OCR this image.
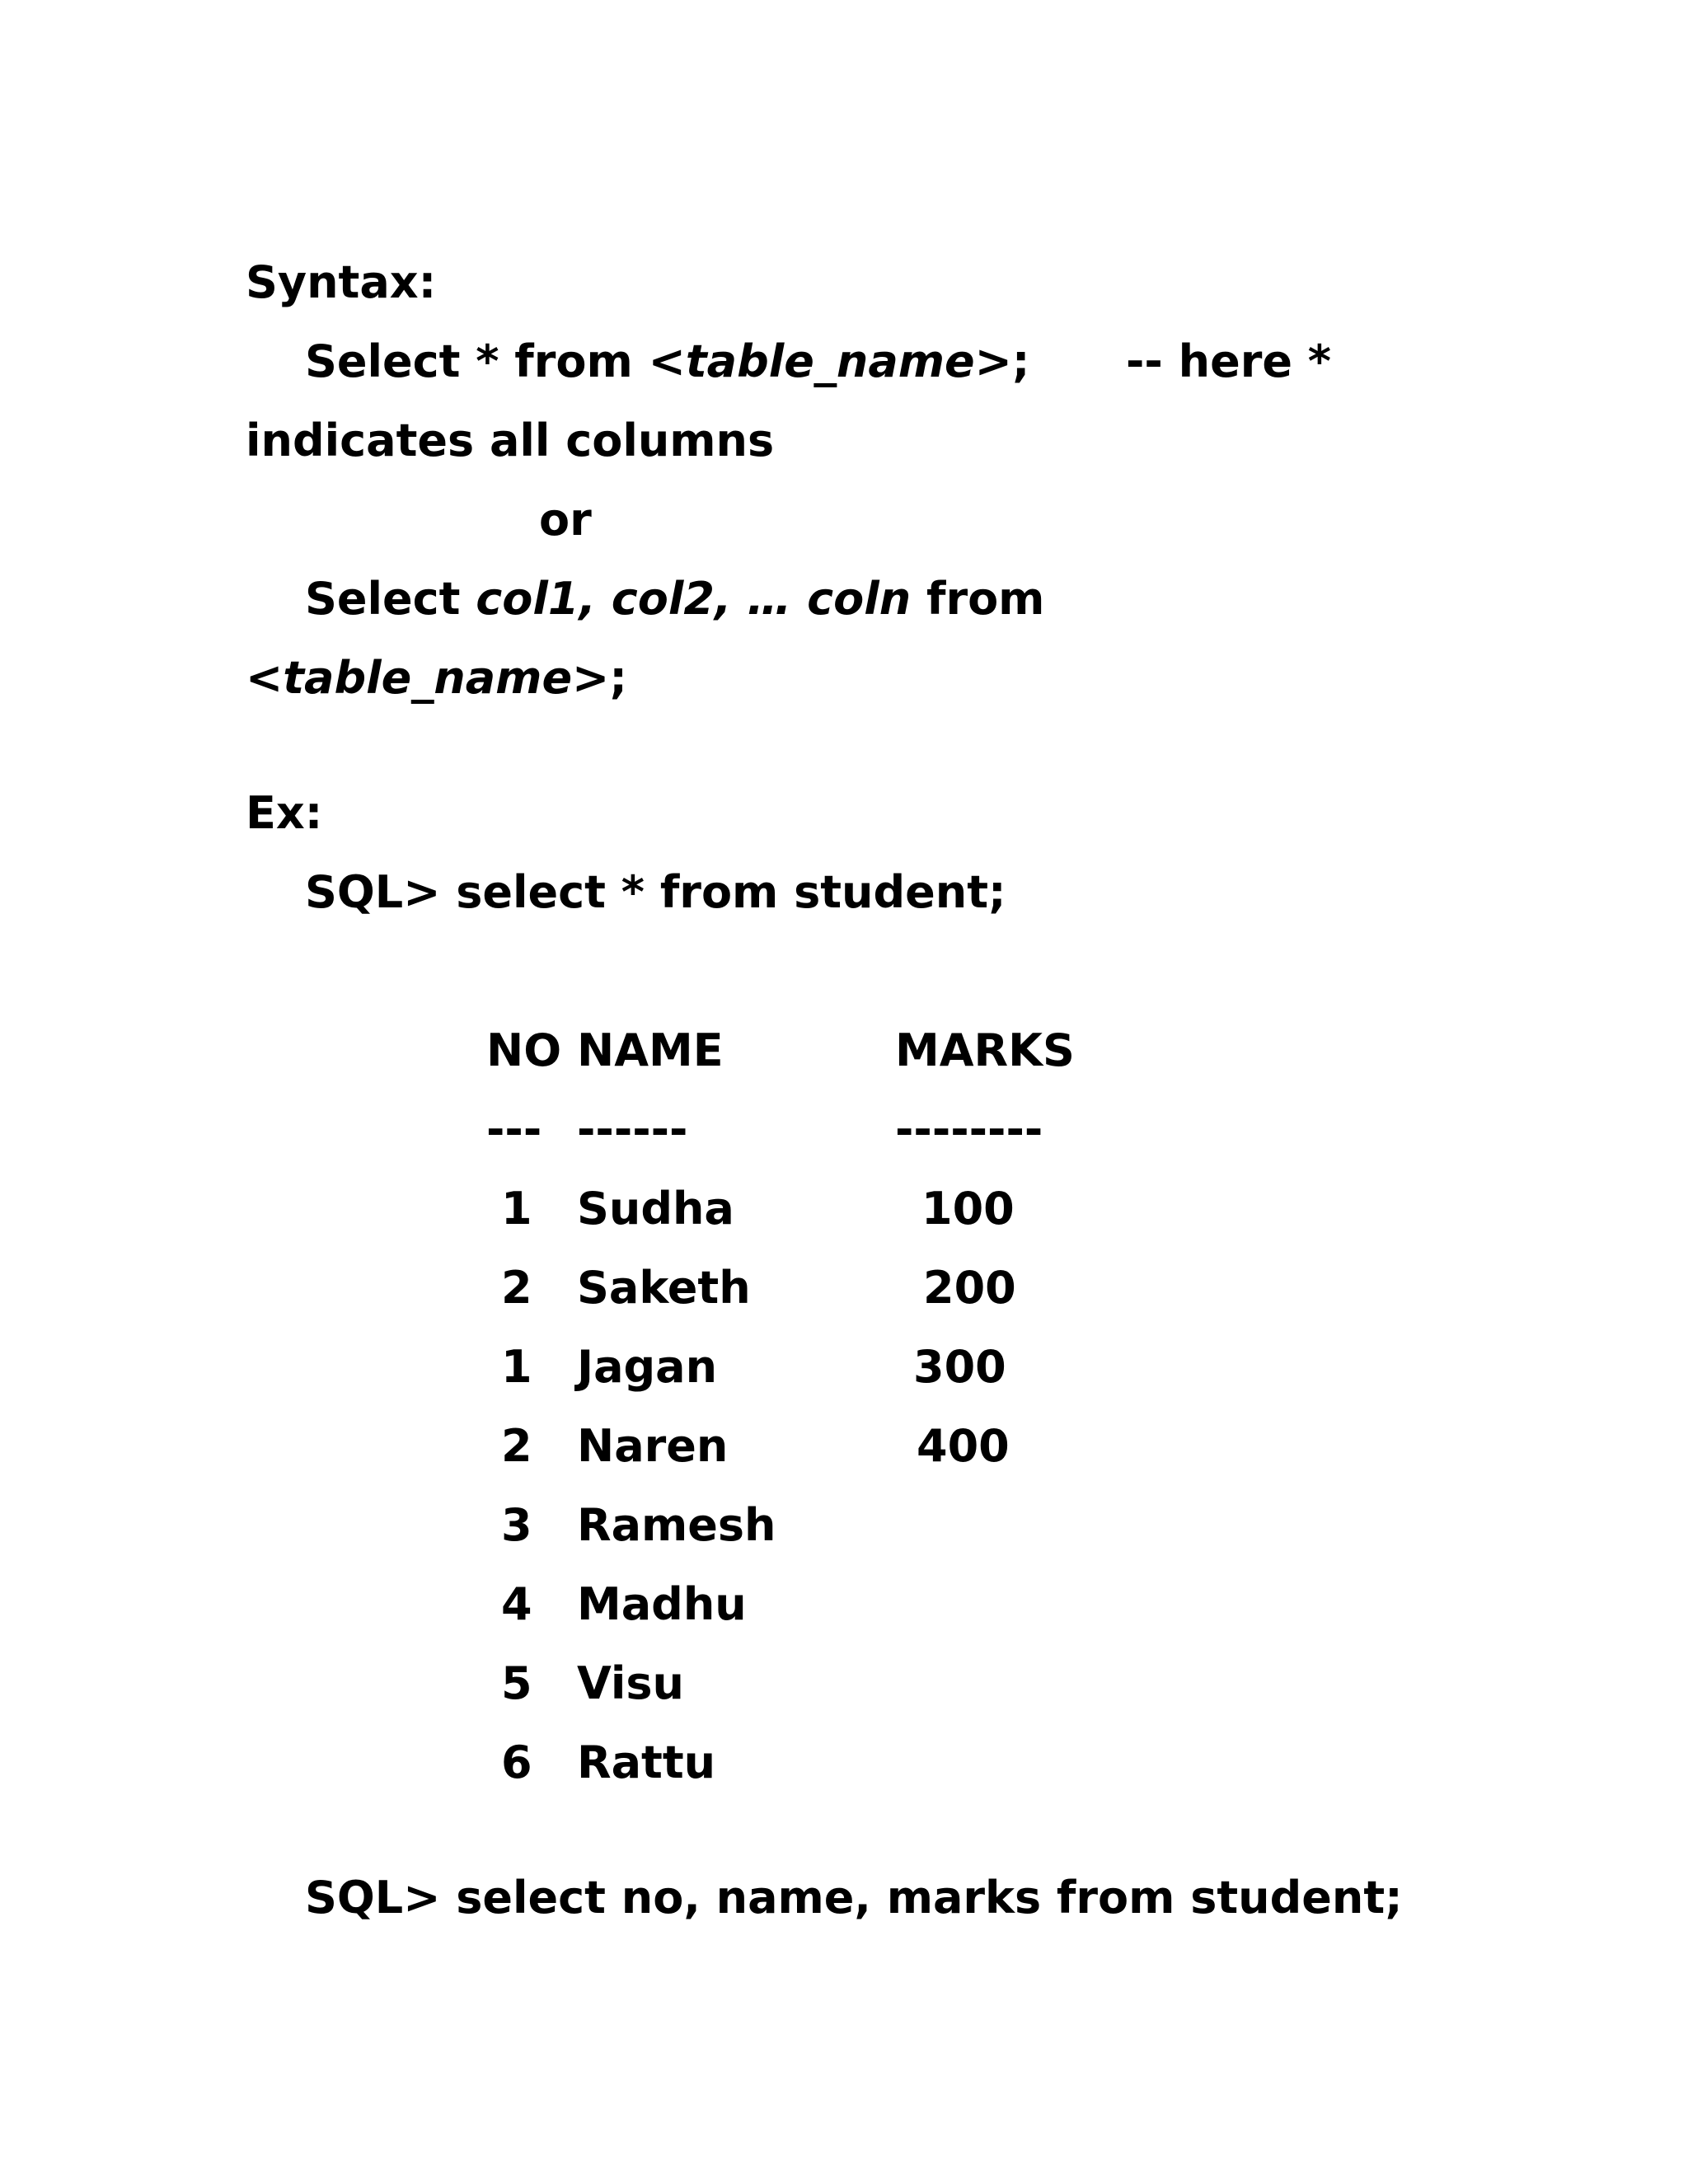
Syntax:
Select * from <table_name>; -- here *
indicates all columns
or
Select col1, col2, … coln from
<table_name>;
Ex:
SQL> select * from student;
NO NAME	MARKS
--- ------	--------
1 Sudha	100
2 Saketh	200
1 Jagan	300
2 Naren	400
3 Ramesh
4 Madhu
5 Visu
6 Rattu
SQL> select no, name, marks from student;
